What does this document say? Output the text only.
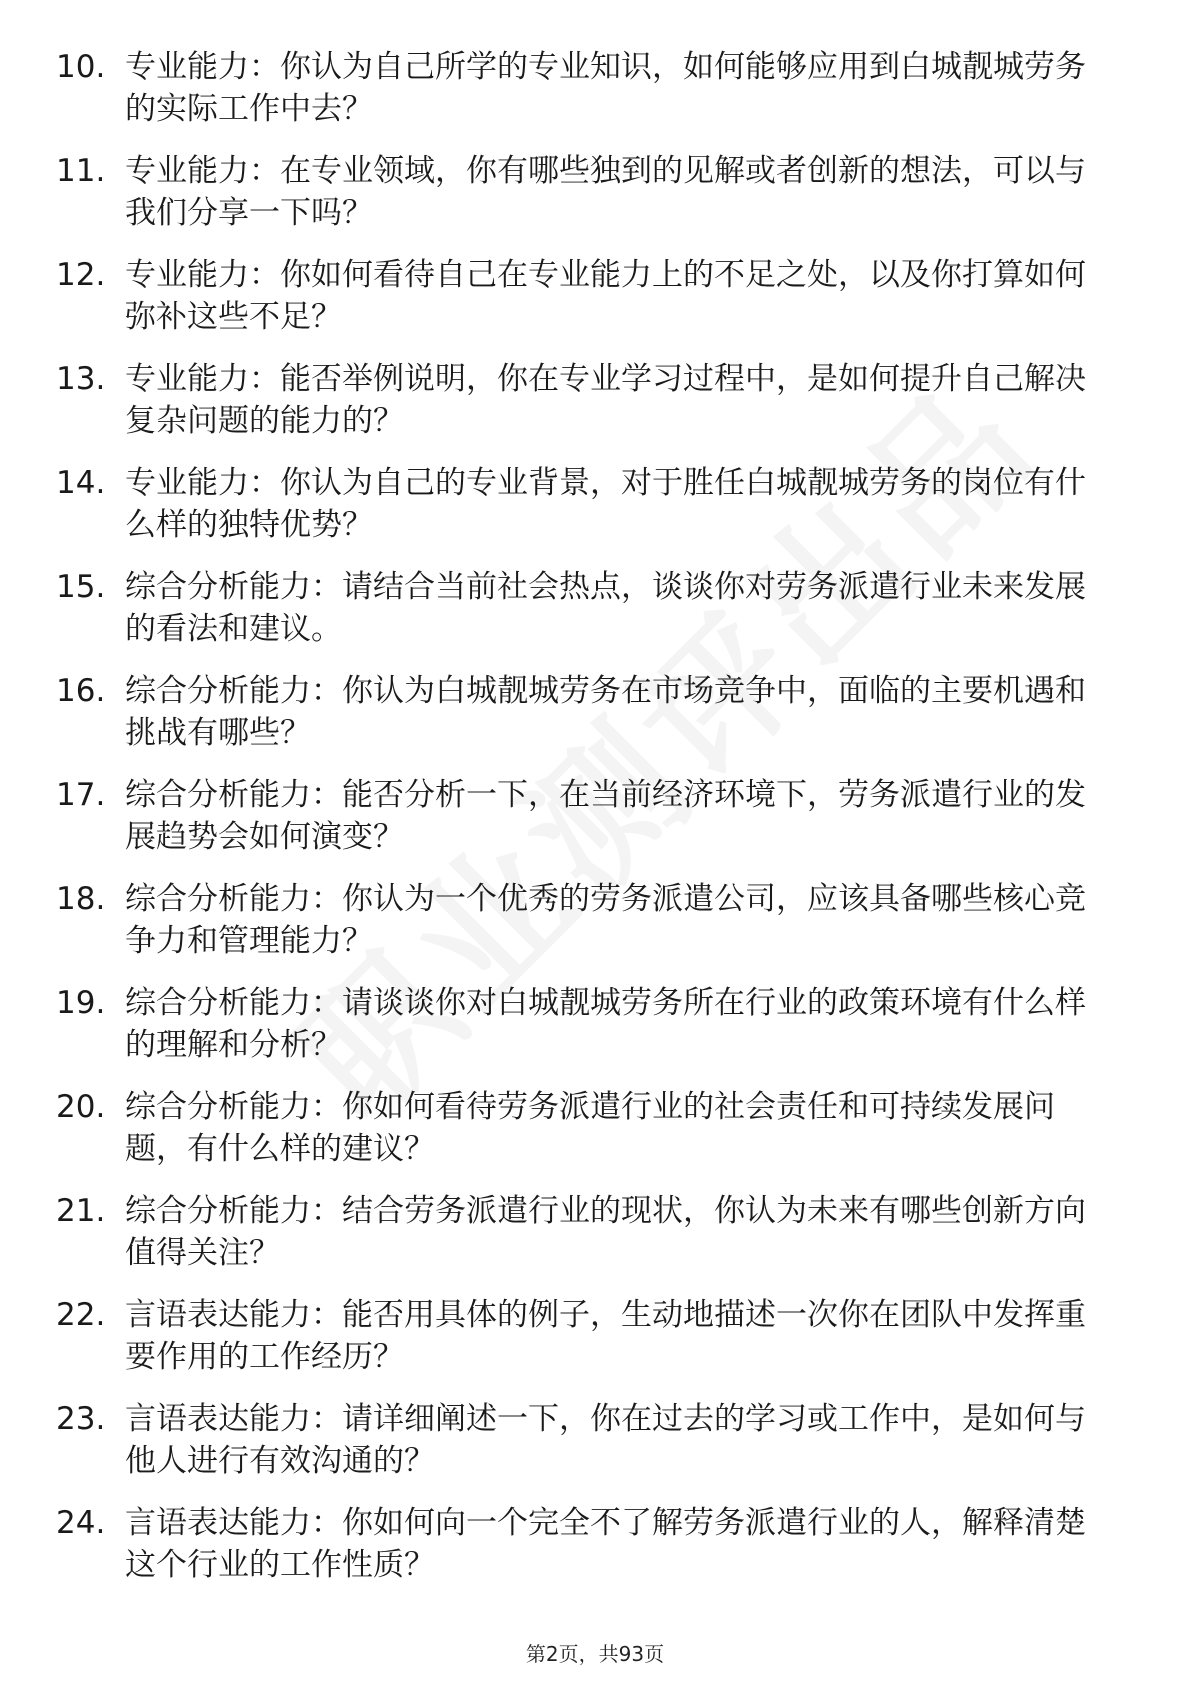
10. 专业能力：你认为自己所学的专业知识，如何能够应用到白城靓城劳务的实际工作中去？

11. 专业能力：在专业领域，你有哪些独到的见解或者创新的想法，可以与我们分享一下吗？

12. 专业能力：你如何看待自己在专业能力上的不足之处，以及你打算如何弥补这些不足？

13. 专业能力：能否举例说明，你在专业学习过程中，是如何提升自己解决复杂问题的能力的？

14. 专业能力：你认为自己的专业背景，对于胜任白城靓城劳务的岗位有什么样的独特优势？

15. 综合分析能力：请结合当前社会热点，谈谈你对劳务派遣行业未来发展的看法和建议。

16. 综合分析能力：你认为白城靓城劳务在市场竞争中，面临的主要机遇和挑战有哪些？

17. 综合分析能力：能否分析一下，在当前经济环境下，劳务派遣行业的发展趋势会如何演变？

18. 综合分析能力：你认为一个优秀的劳务派遣公司，应该具备哪些核心竞争力和管理能力？

19. 综合分析能力：请谈谈你对白城靓城劳务所在行业的政策环境有什么样的理解和分析？

20. 综合分析能力：你如何看待劳务派遣行业的社会责任和可持续发展问题，有什么样的建议？

21. 综合分析能力：结合劳务派遣行业的现状，你认为未来有哪些创新方向值得关注？

22. 言语表达能力：能否用具体的例子，生动地描述一次你在团队中发挥重要作用的工作经历？

23. 言语表达能力：请详细阐述一下，你在过去的学习或工作中，是如何与他人进行有效沟通的？

24. 言语表达能力：你如何向一个完全不了解劳务派遣行业的人，解释清楚这个行业的工作性质？

第2页，共93页
